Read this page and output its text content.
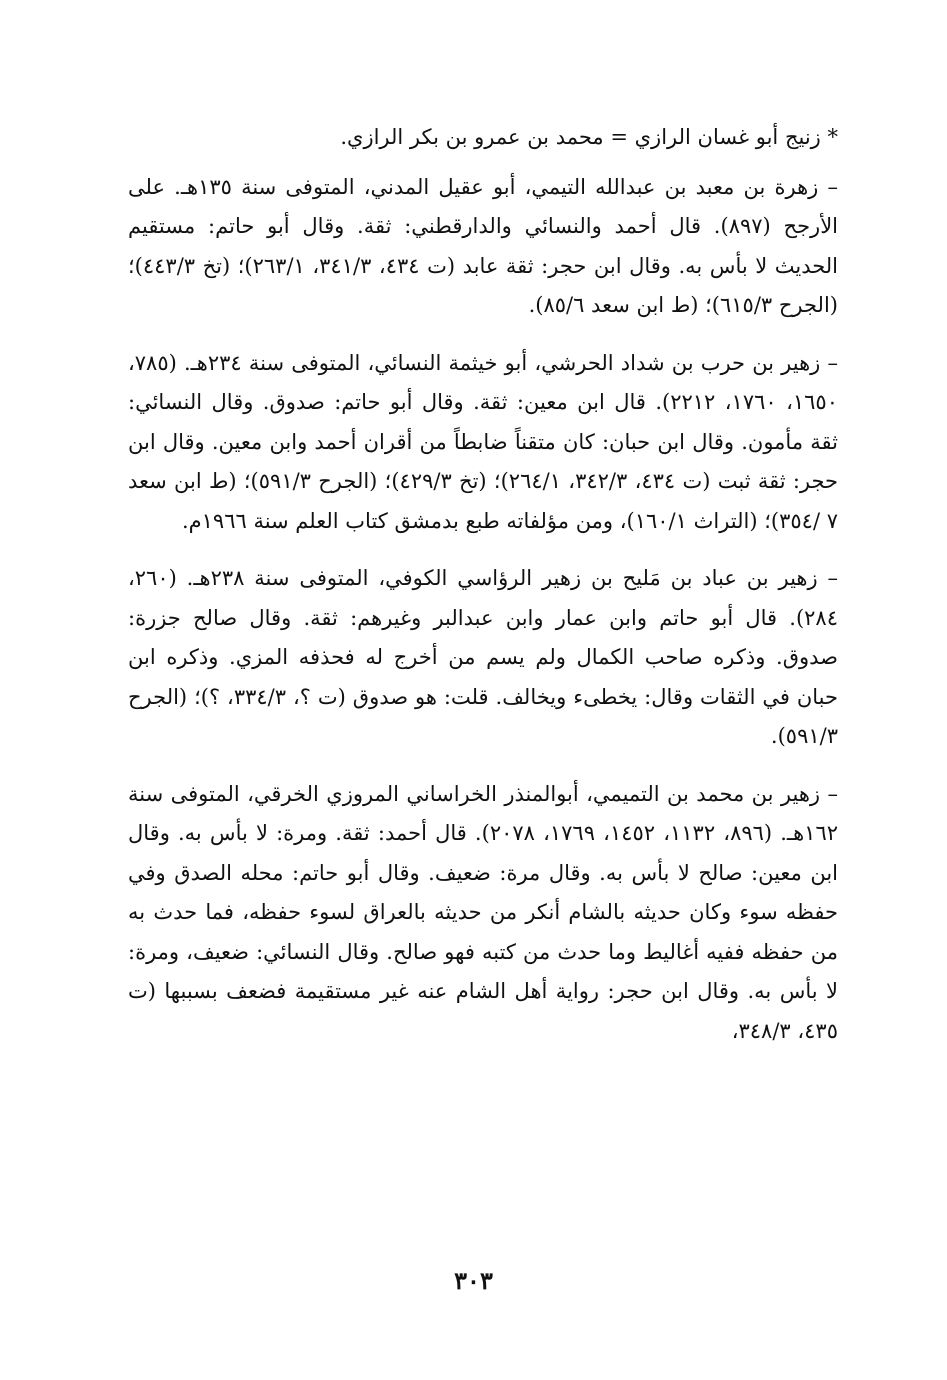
* زنيج أبو غسان الرازي = محمد بن عمرو بن بكر الرازي.

– زهرة بن معبد بن عبدالله التيمي، أبو عقيل المدني، المتوفى سنة ١٣٥هـ. على الأرجح (٨٩٧). قال أحمد والنسائي والدارقطني: ثقة. وقال أبو حاتم: مستقيم الحديث لا بأس به. وقال ابن حجر: ثقة عابد (ت ٤٣٤، ٣٤١/٣، ٢٦٣/١)؛ (تخ ٤٤٣/٣)؛ (الجرح ٦١٥/٣)؛ (ط ابن سعد ٨٥/٦).

– زهير بن حرب بن شداد الحرشي، أبو خيثمة النسائي، المتوفى سنة ٢٣٤هـ. (٧٨٥، ١٦٥٠، ١٧٦٠، ٢٢١٢). قال ابن معين: ثقة. وقال أبو حاتم: صدوق. وقال النسائي: ثقة مأمون. وقال ابن حبان: كان متقناً ضابطاً من أقران أحمد وابن معين. وقال ابن حجر: ثقة ثبت (ت ٤٣٤، ٣٤٢/٣، ٢٦٤/١)؛ (تخ ٤٢٩/٣)؛ (الجرح ٥٩١/٣)؛ (ط ابن سعد ٧ /٣٥٤)؛ (التراث ١٦٠/١)، ومن مؤلفاته طبع بدمشق كتاب العلم سنة ١٩٦٦م.

– زهير بن عباد بن مَليح بن زهير الرؤاسي الكوفي، المتوفى سنة ٢٣٨هـ. (٢٦٠، ٢٨٤). قال أبو حاتم وابن عمار وابن عبدالبر وغيرهم: ثقة. وقال صالح جزرة: صدوق. وذكره صاحب الكمال ولم يسم من أخرج له فحذفه المزي. وذكره ابن حبان في الثقات وقال: يخطىء ويخالف. قلت: هو صدوق (ت ؟، ٣٣٤/٣، ؟)؛ (الجرح ٥٩١/٣).

– زهير بن محمد بن التميمي، أبوالمنذر الخراساني المروزي الخرقي، المتوفى سنة ١٦٢هـ. (٨٩٦، ١١٣٢، ١٤٥٢، ١٧٦٩، ٢٠٧٨). قال أحمد: ثقة. ومرة: لا بأس به. وقال ابن معين: صالح لا بأس به. وقال مرة: ضعيف. وقال أبو حاتم: محله الصدق وفي حفظه سوء وكان حديثه بالشام أنكر من حديثه بالعراق لسوء حفظه، فما حدث به من حفظه ففيه أغاليط وما حدث من كتبه فهو صالح. وقال النسائي: ضعيف، ومرة: لا بأس به. وقال ابن حجر: رواية أهل الشام عنه غير مستقيمة فضعف بسببها (ت ٤٣٥، ٣٤٨/٣،

٣٠٣
